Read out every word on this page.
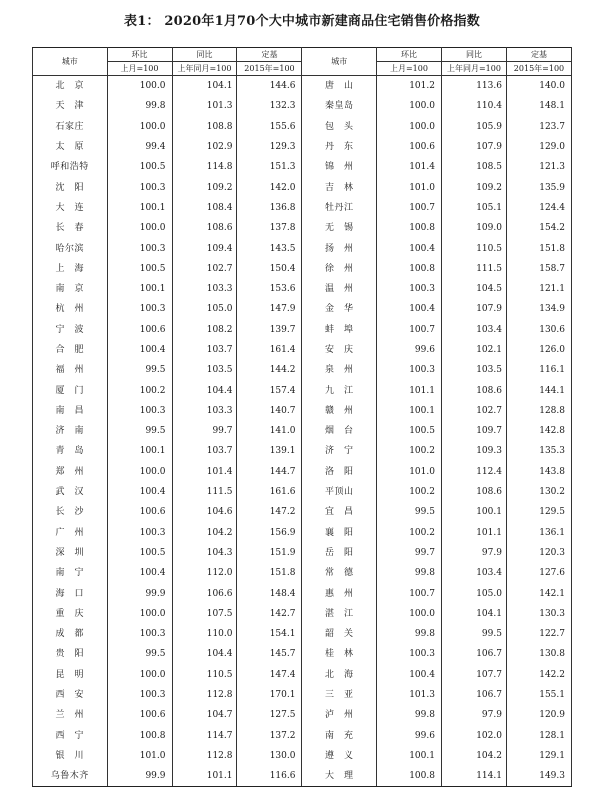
表1： 2020年1月70个大中城市新建商品住宅销售价格指数
城市	环比	同比	定基	城市	环比	同比	定基
	上月=100	上年同月=100	2015年=100		上月=100	上年同月=100	2015年=100
北　京	100.0	104.1	144.6	唐　山	101.2	113.6	140.0
天　津	99.8	101.3	132.3	秦皇岛	100.0	110.4	148.1
石家庄	100.0	108.8	155.6	包　头	100.0	105.9	123.7
太　原	99.4	102.9	129.3	丹　东	100.6	107.9	129.0
呼和浩特	100.5	114.8	151.3	锦　州	101.4	108.5	121.3
沈　阳	100.3	109.2	142.0	吉　林	101.0	109.2	135.9
大　连	100.1	108.4	136.8	牡丹江	100.7	105.1	124.4
长　春	100.0	108.6	137.8	无　锡	100.8	109.0	154.2
哈尔滨	100.3	109.4	143.5	扬　州	100.4	110.5	151.8
上　海	100.5	102.7	150.4	徐　州	100.8	111.5	158.7
南　京	100.1	103.3	153.6	温　州	100.3	104.5	121.1
杭　州	100.3	105.0	147.9	金　华	100.4	107.9	134.9
宁　波	100.6	108.2	139.7	蚌　埠	100.7	103.4	130.6
合　肥	100.4	103.7	161.4	安　庆	99.6	102.1	126.0
福　州	99.5	103.5	144.2	泉　州	100.3	103.5	116.1
厦　门	100.2	104.4	157.4	九　江	101.1	108.6	144.1
南　昌	100.3	103.3	140.7	赣　州	100.1	102.7	128.8
济　南	99.5	99.7	141.0	烟　台	100.5	109.7	142.8
青　岛	100.1	103.7	139.1	济　宁	100.2	109.3	135.3
郑　州	100.0	101.4	144.7	洛　阳	101.0	112.4	143.8
武　汉	100.4	111.5	161.6	平顶山	100.2	108.6	130.2
长　沙	100.6	104.6	147.2	宜　昌	99.5	100.1	129.5
广　州	100.3	104.2	156.9	襄　阳	100.2	101.1	136.1
深　圳	100.5	104.3	151.9	岳　阳	99.7	97.9	120.3
南　宁	100.4	112.0	151.8	常　德	99.8	103.4	127.6
海　口	99.9	106.6	148.4	惠　州	100.7	105.0	142.1
重　庆	100.0	107.5	142.7	湛　江	100.0	104.1	130.3
成　都	100.3	110.0	154.1	韶　关	99.8	99.5	122.7
贵　阳	99.5	104.4	145.7	桂　林	100.3	106.7	130.8
昆　明	100.0	110.5	147.4	北　海	100.4	107.7	142.2
西　安	100.3	112.8	170.1	三　亚	101.3	106.7	155.1
兰　州	100.6	104.7	127.5	泸　州	99.8	97.9	120.9
西　宁	100.8	114.7	137.2	南　充	99.6	102.0	128.1
银　川	101.0	112.8	130.0	遵　义	100.1	104.2	129.1
乌鲁木齐	99.9	101.1	116.6	大　理	100.8	114.1	149.3
